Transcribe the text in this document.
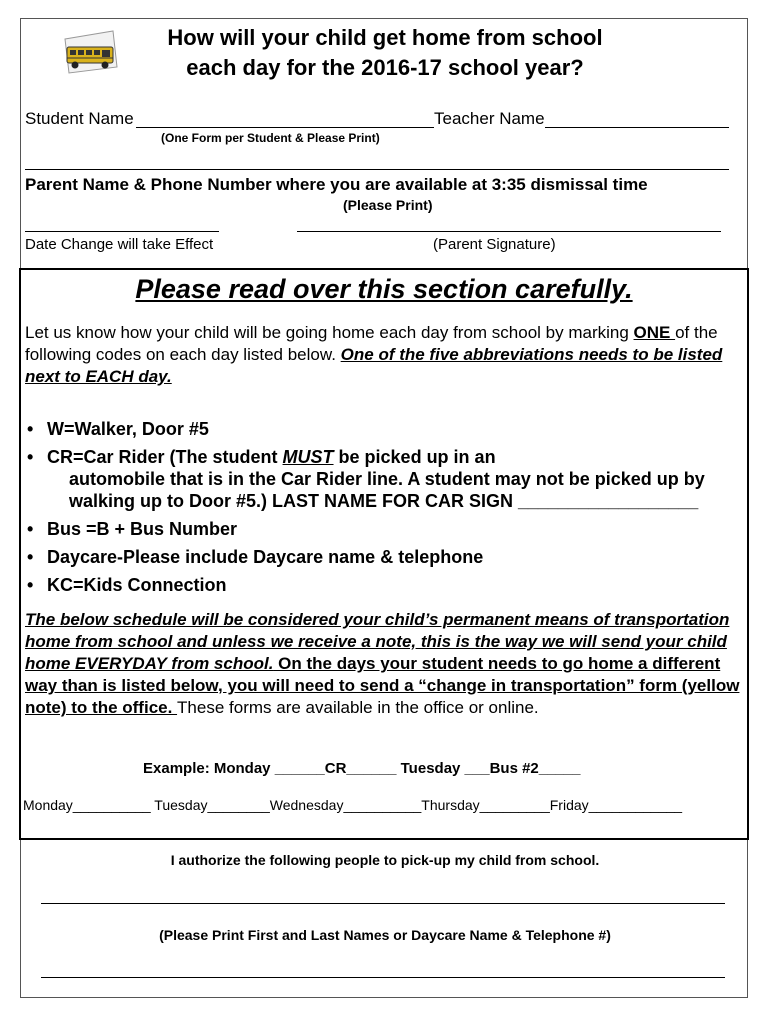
How will your child get home from school
each day for the 2016-17 school year?
Student Name	Teacher Name
(One Form per Student & Please Print)
Parent Name & Phone Number where you are available at 3:35 dismissal time
(Please Print)
Date Change will take Effect	(Parent Signature)
Please read over this section carefully.
Let us know how your child will be going home each day from school by marking ONE of the following codes on each day listed below. One of the five abbreviations needs to be listed next to EACH day.
• W=Walker, Door #5
• CR=Car Rider (The student MUST be picked up in an
automobile that is in the Car Rider line. A student may not be picked up by
walking up to Door #5.) LAST NAME FOR CAR SIGN __________________
• Bus =B + Bus Number
• Daycare-Please include Daycare name & telephone
• KC=Kids Connection
The below schedule will be considered your child’s permanent means of transportation home from school and unless we receive a note, this is the way we will send your child home EVERYDAY from school. On the days your student needs to go home a different way than is listed below, you will need to send a “change in transportation” form (yellow note) to the office. These forms are available in the office or online.
Example: Monday ______CR______ Tuesday ___Bus #2_____
Monday__________ Tuesday________Wednesday__________Thursday_________Friday____________
I authorize the following people to pick-up my child from school.
(Please Print First and Last Names or Daycare Name & Telephone #)
